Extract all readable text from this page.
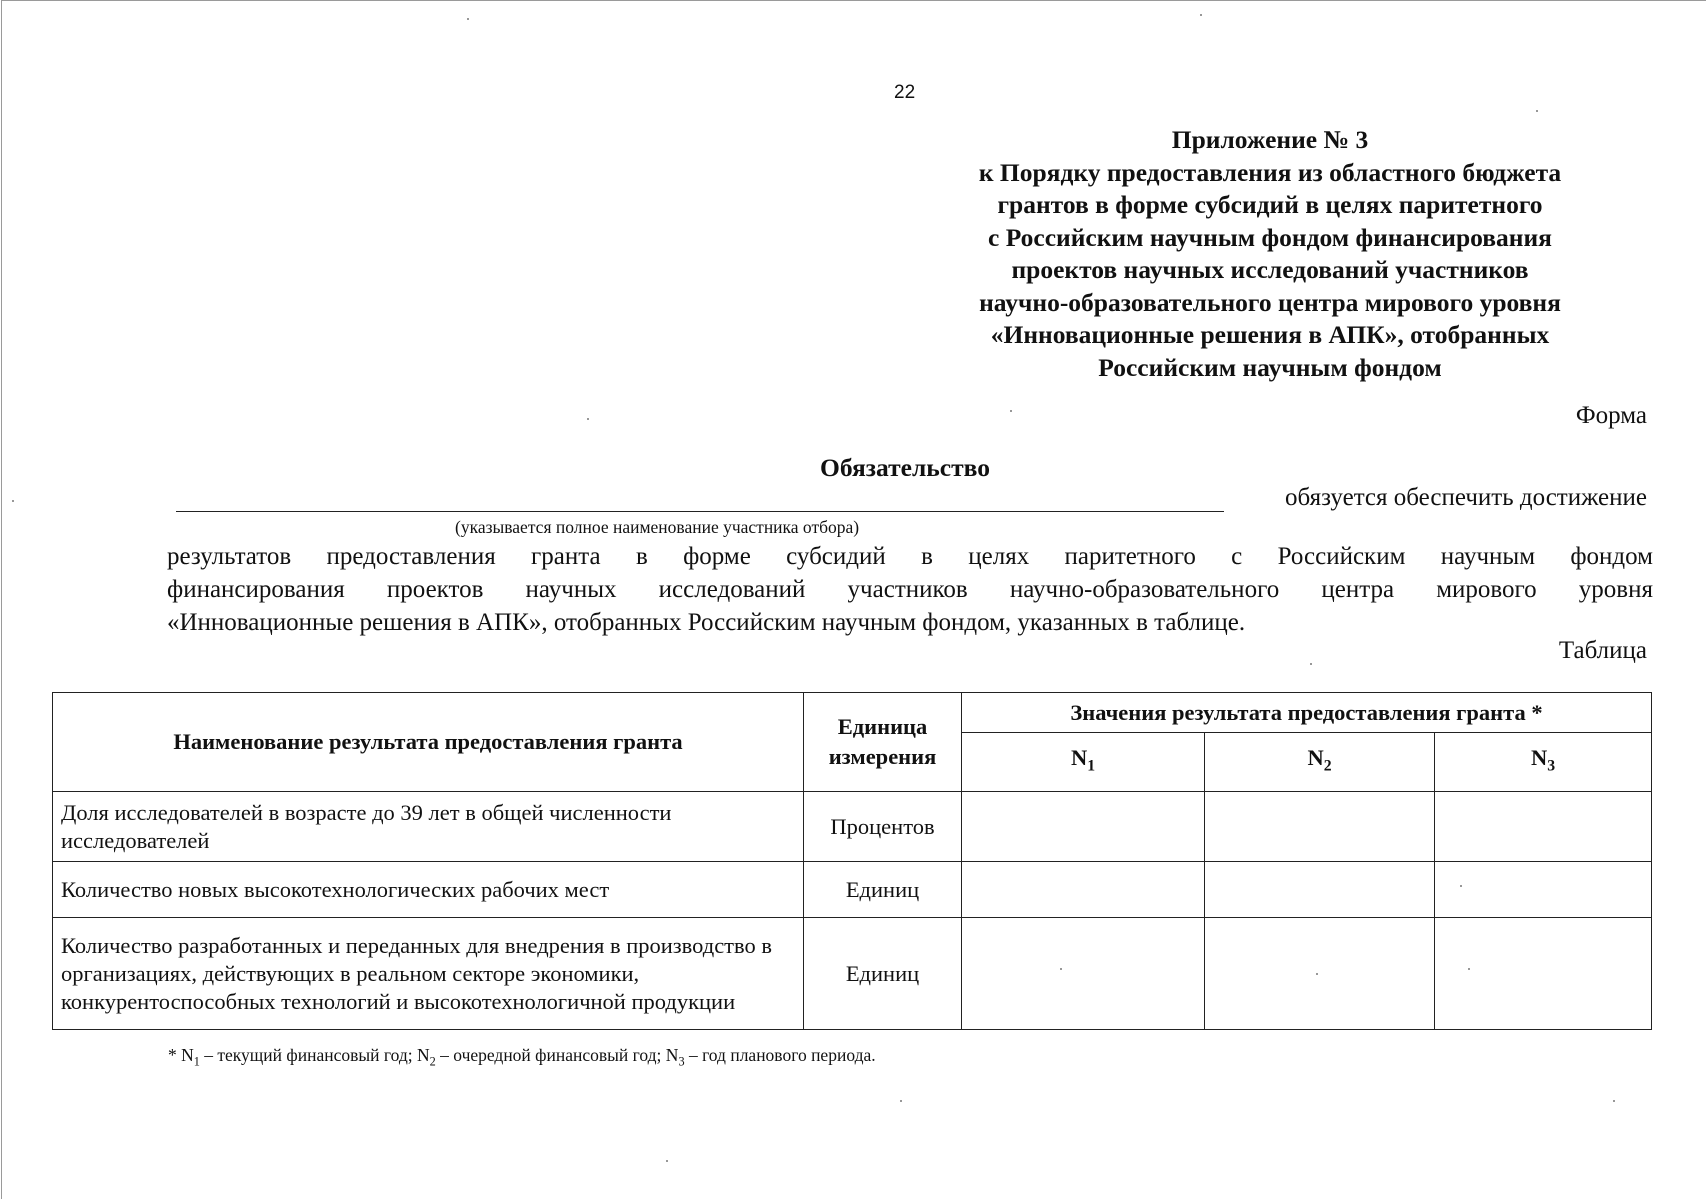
22
Приложение № 3
к Порядку предоставления из областного бюджета
грантов в форме субсидий в целях паритетного
с Российским научным фондом финансирования
проектов научных исследований участников
научно-образовательного центра мирового уровня
«Инновационные решения в АПК», отобранных
Российским научным фондом
Форма
Обязательство
обязуется обеспечить достижение
(указывается полное наименование участника отбора)
результатов предоставления гранта в форме субсидий в целях паритетного с Российским научным фондом
финансирования проектов научных исследований участников научно-образовательного центра мирового уровня
«Инновационные решения в АПК», отобранных Российским научным фондом, указанных в таблице.
Таблица
Наименование результата предоставления гранта	Единица измерения	Значения результата предоставления гранта *		
		$N_1$	$N_2$	$N_3$
Доля исследователей в возрасте до 39 лет в общей численности исследователей	Процентов			
Количество новых высокотехнологических рабочих мест	Единиц			
Количество разработанных и переданных для внедрения в производство в организациях, действующих в реальном секторе экономики, конкурентоспособных технологий и высокотехнологичной продукции	Единиц			
* $N_1$ – текущий финансовый год; $N_2$ – очередной финансовый год; $N_3$ – год планового периода.
